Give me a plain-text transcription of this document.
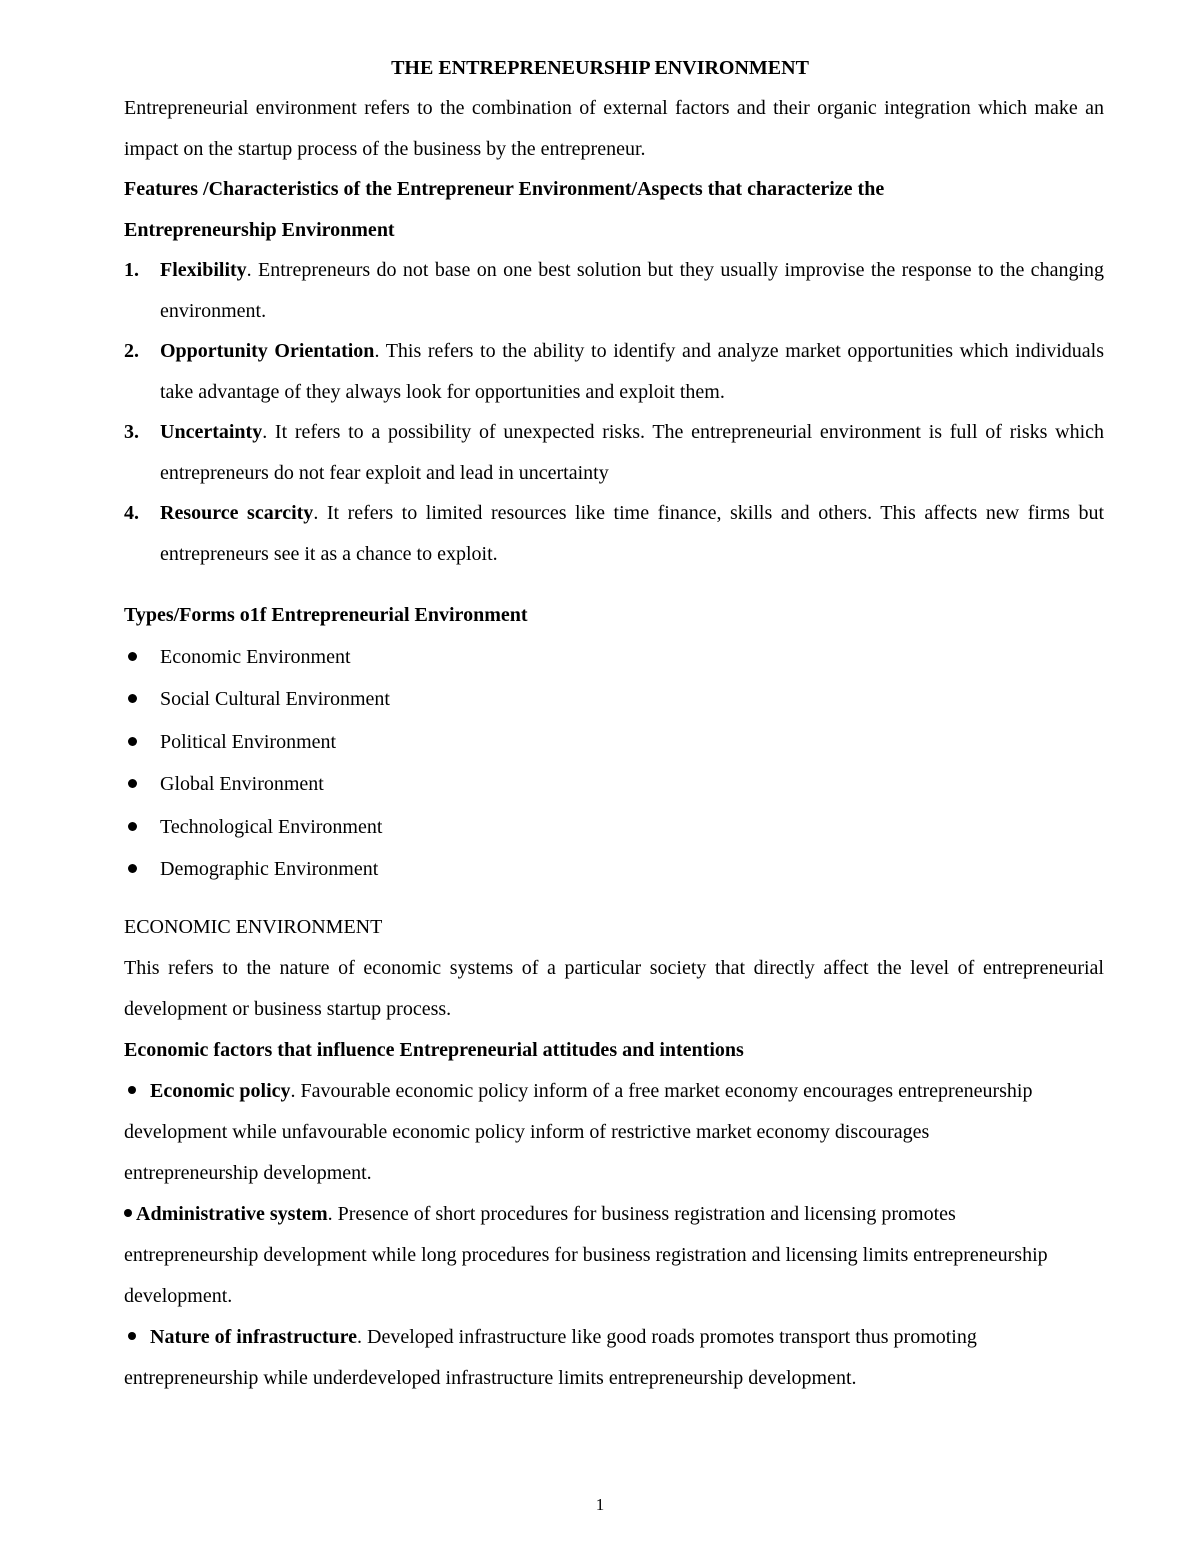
THE ENTREPRENEURSHIP ENVIRONMENT
Entrepreneurial environment refers to the combination of external factors and their organic integration which make an impact on the startup process of the business by the entrepreneur.
Features /Characteristics of the Entrepreneur Environment/Aspects that characterize the Entrepreneurship Environment
1. Flexibility. Entrepreneurs do not base on one best solution but they usually improvise the response to the changing environment.
2. Opportunity Orientation. This refers to the ability to identify and analyze market opportunities which individuals take advantage of they always look for opportunities and exploit them.
3. Uncertainty. It refers to a possibility of unexpected risks. The entrepreneurial environment is full of risks which entrepreneurs do not fear exploit and lead in uncertainty
4. Resource scarcity. It refers to limited resources like time finance, skills and others. This affects new firms but entrepreneurs see it as a chance to exploit.
Types/Forms o1f Entrepreneurial Environment
Economic Environment
Social Cultural Environment
Political Environment
Global Environment
Technological Environment
Demographic Environment
ECONOMIC ENVIRONMENT
This refers to the nature of economic systems of a particular society that directly affect the level of entrepreneurial development or business startup process.
Economic factors that influence Entrepreneurial attitudes and intentions
Economic policy. Favourable economic policy inform of a free market economy encourages entrepreneurship development while unfavourable economic policy inform of restrictive market economy discourages entrepreneurship development.
Administrative system. Presence of short procedures for business registration and licensing promotes entrepreneurship development while long procedures for business registration and licensing limits entrepreneurship development.
Nature of infrastructure. Developed infrastructure like good roads promotes transport thus promoting entrepreneurship while underdeveloped infrastructure limits entrepreneurship development.
1
